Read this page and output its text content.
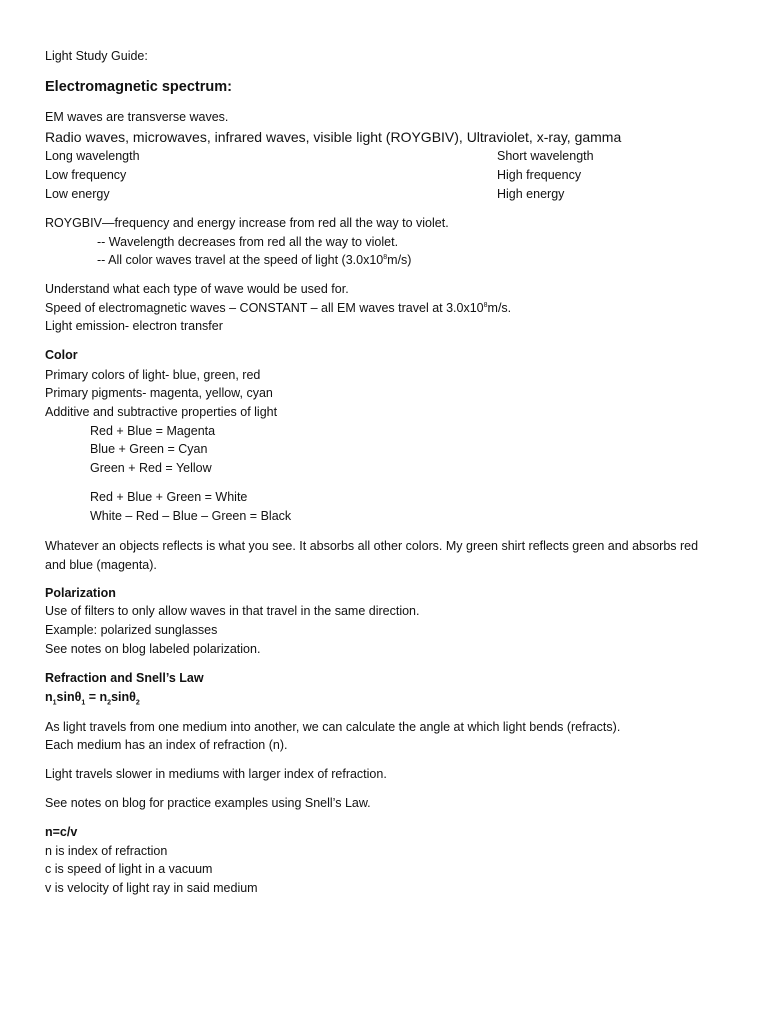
Light Study Guide:
Electromagnetic spectrum:
EM waves are transverse waves.
Radio waves, microwaves, infrared waves, visible light (ROYGBIV), Ultraviolet, x-ray, gamma
Long wavelength	Short wavelength
Low frequency	High frequency
Low energy	High energy
ROYGBIV—frequency and energy increase from red all the way to violet.
-- Wavelength decreases from red all the way to violet.
-- All color waves travel at the speed of light $(3.0x10^8m/s)$
Understand what each type of wave would be used for.
Speed of electromagnetic waves – CONSTANT – all EM waves travel at $3.0x10^8m/s$.
Light emission- electron transfer
Color
Primary colors of light- blue, green, red
Primary pigments- magenta, yellow, cyan
Additive and subtractive properties of light
Red + Blue = Magenta
Blue + Green = Cyan
Green + Red = Yellow
Red + Blue + Green = White
White – Red – Blue – Green = Black
Whatever an objects reflects is what you see. It absorbs all other colors. My green shirt reflects green and absorbs red and blue (magenta).
Polarization
Use of filters to only allow waves in that travel in the same direction.
Example: polarized sunglasses
See notes on blog labeled polarization.
Refraction and Snell’s Law
$n_1\sin\theta_1 = n_2\sin\theta_2$
As light travels from one medium into another, we can calculate the angle at which light bends (refracts).
Each medium has an index of refraction (n).
Light travels slower in mediums with larger index of refraction.
See notes on blog for practice examples using Snell’s Law.
n=c/v
n is index of refraction
c is speed of light in a vacuum
v is velocity of light ray in said medium
